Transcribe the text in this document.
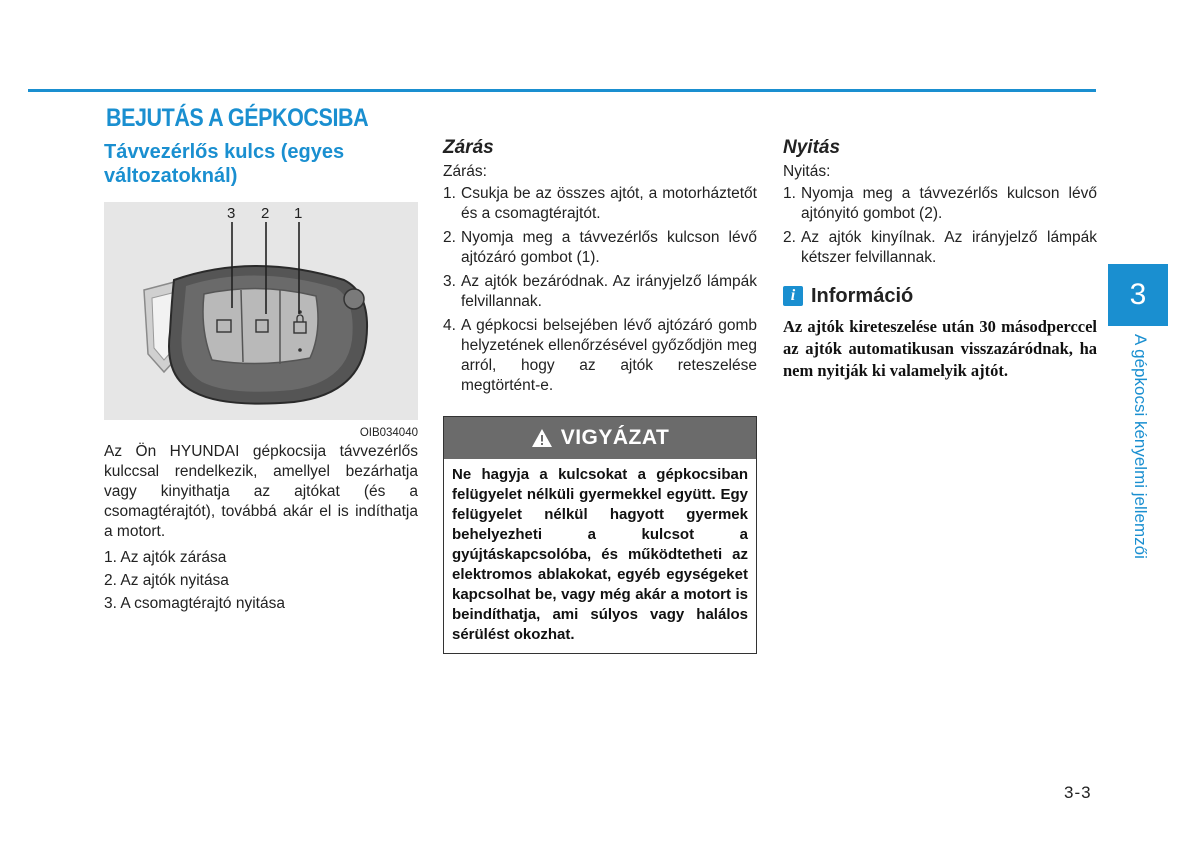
BEJUTÁS A GÉPKOCSIBA
Távvezérlős kulcs (egyes
változatoknál)
3 2 1
OIB034040

Az Ön HYUNDAI gépkocsija távvezérlős kulccsal rendelkezik, amellyel bezárhatja vagy kinyithatja az ajtókat (és a csomagtérajtót), továbbá akár el is indíthatja a motort.

1. Az ajtók zárása
2. Az ajtók nyitása
3. A csomagtérajtó nyitása
Zárás
Zárás:
1. Csukja be az összes ajtót, a motorháztetőt és a csomagtérajtót.
2. Nyomja meg a távvezérlős kulcson lévő ajtózáró gombot (1).
3. Az ajtók bezáródnak. Az irányjelző lámpák felvillannak.
4. A gépkocsi belsejében lévő ajtózáró gomb helyzetének ellenőrzésével győződjön meg arról, hogy az ajtók reteszelése megtörtént-e.
VIGYÁZAT
Ne hagyja a kulcsokat a gépkocsiban felügyelet nélküli gyermekkel együtt. Egy felügyelet nélkül hagyott gyermek behelyezheti a kulcsot a gyújtáskapcsolóba, és működtetheti az elektromos ablakokat, egyéb egységeket kapcsolhat be, vagy még akár a motort is beindíthatja, ami súlyos vagy halálos sérülést okozhat.
Nyitás
Nyitás:
1. Nyomja meg a távvezérlős kulcson lévő ajtónyitó gombot (2).
2. Az ajtók kinyílnak. Az irányjelző lámpák kétszer felvillannak.
i Információ
Az ajtók kireteszelése után 30 másodperccel az ajtók automatikusan visszazáródnak, ha nem nyitják ki valamelyik ajtót.
3
A gépkocsi kényelmi jellemzői
3-3
